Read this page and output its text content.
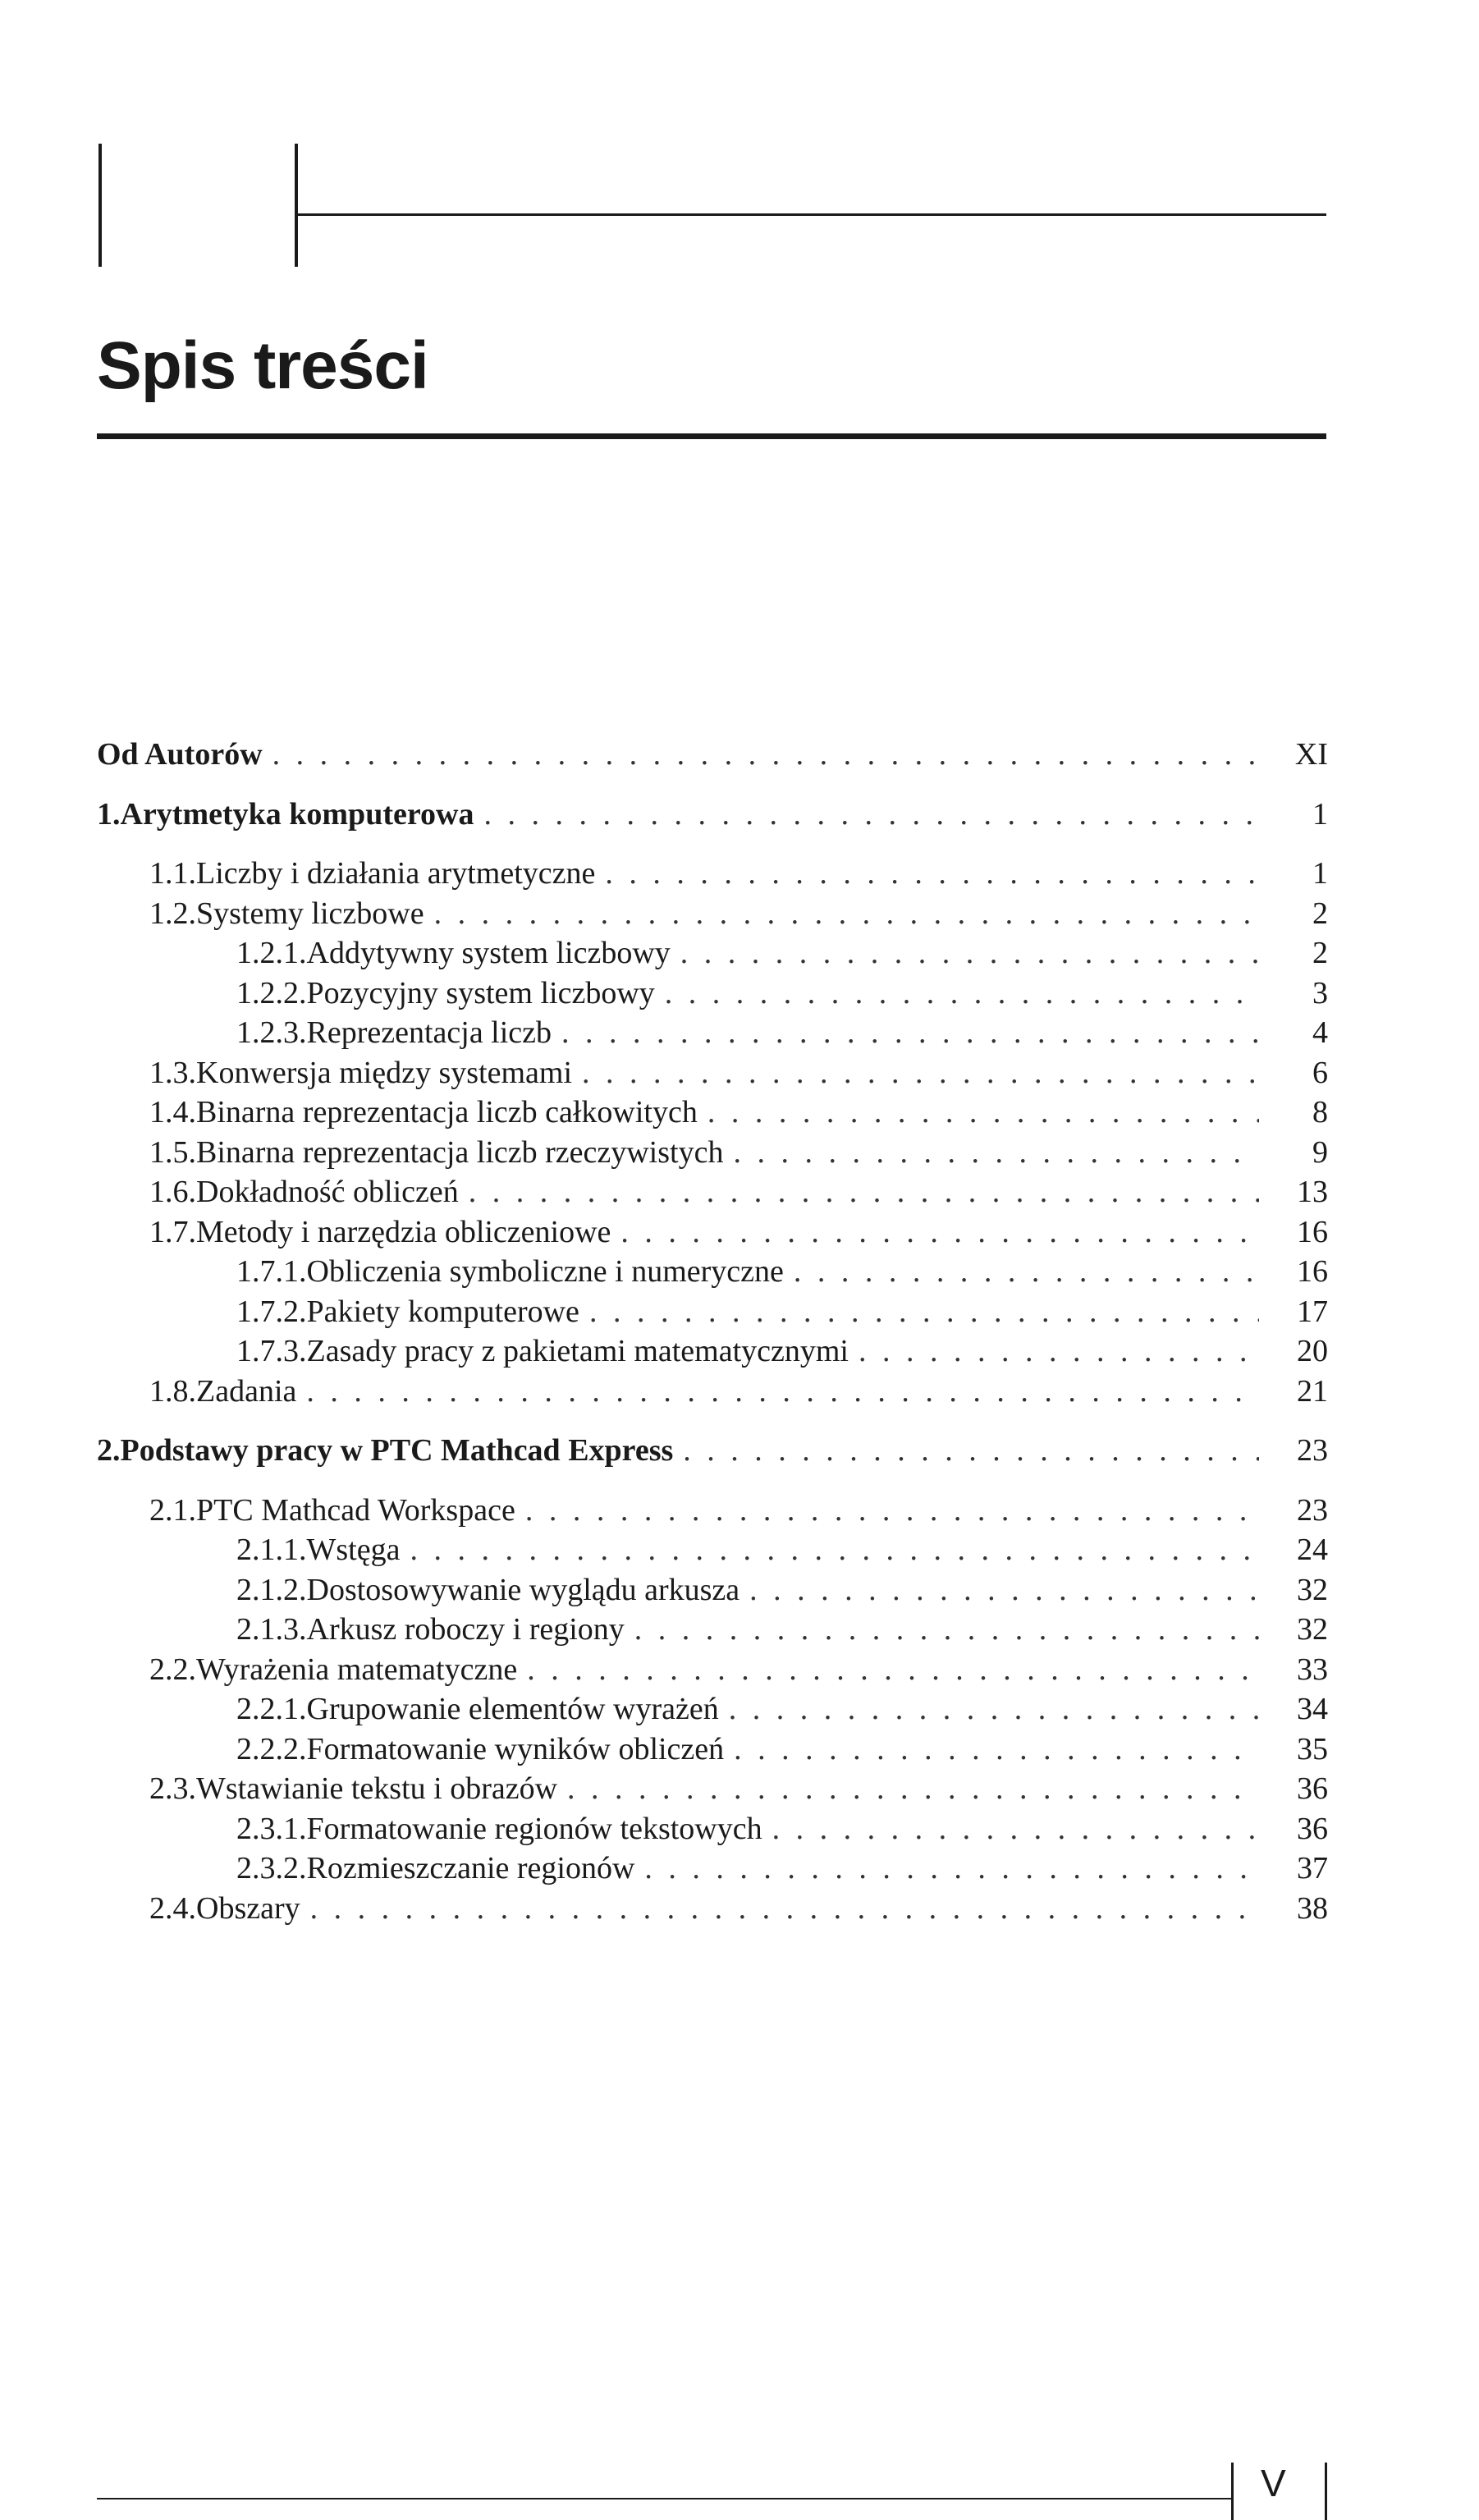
Spis treści
Od Autorów . . .	XI
1. Arytmetyka komputerowa . . .	1
1.1. Liczby i działania arytmetyczne . . .	1
1.2. Systemy liczbowe . . .	2
1.2.1. Addytywny system liczbowy . . .	2
1.2.2. Pozycyjny system liczbowy . . .	3
1.2.3. Reprezentacja liczb . . .	4
1.3. Konwersja między systemami . . .	6
1.4. Binarna reprezentacja liczb całkowitych . . .	8
1.5. Binarna reprezentacja liczb rzeczywistych . . .	9
1.6. Dokładność obliczeń . . .	13
1.7. Metody i narzędzia obliczeniowe . . .	16
1.7.1. Obliczenia symboliczne i numeryczne . . .	16
1.7.2. Pakiety komputerowe . . .	17
1.7.3. Zasady pracy z pakietami matematycznymi . . .	20
1.8. Zadania . . .	21
2. Podstawy pracy w PTC Mathcad Express . . .	23
2.1. PTC Mathcad Workspace . . .	23
2.1.1. Wstęga . . .	24
2.1.2. Dostosowywanie wyglądu arkusza . . .	32
2.1.3. Arkusz roboczy i regiony . . .	32
2.2. Wyrażenia matematyczne . . .	33
2.2.1. Grupowanie elementów wyrażeń . . .	34
2.2.2. Formatowanie wyników obliczeń . . .	35
2.3. Wstawianie tekstu i obrazów . . .	36
2.3.1. Formatowanie regionów tekstowych . . .	36
2.3.2. Rozmieszczanie regionów . . .	37
2.4. Obszary . . .	38
V
